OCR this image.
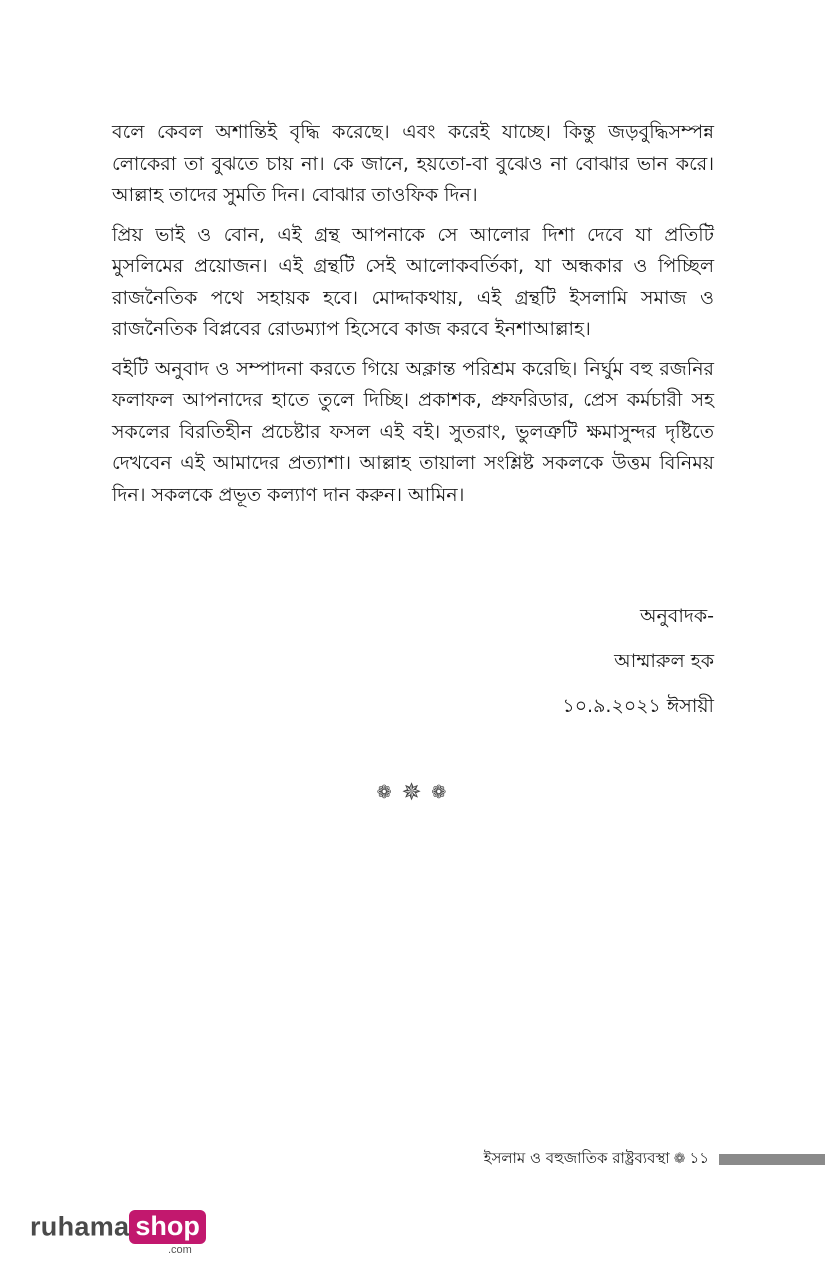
বলে কেবল অশান্তিই বৃদ্ধি করেছে। এবং করেই যাচ্ছে। কিন্তু জড়বুদ্ধিসম্পন্ন লোকেরা তা বুঝতে চায় না। কে জানে, হয়তো-বা বুঝেও না বোঝার ভান করে। আল্লাহ তাদের সুমতি দিন। বোঝার তাওফিক দিন।

প্রিয় ভাই ও বোন, এই গ্রন্থ আপনাকে সে আলোর দিশা দেবে যা প্রতিটি মুসলিমের প্রয়োজন। এই গ্রন্থটি সেই আলোকবর্তিকা, যা অন্ধকার ও পিচ্ছিল রাজনৈতিক পথে সহায়ক হবে। মোদ্দাকথায়, এই গ্রন্থটি ইসলামি সমাজ ও রাজনৈতিক বিপ্লবের রোডম্যাপ হিসেবে কাজ করবে ইনশাআল্লাহ।

বইটি অনুবাদ ও সম্পাদনা করতে গিয়ে অক্লান্ত পরিশ্রম করেছি। নির্ঘুম বহু রজনির ফলাফল আপনাদের হাতে তুলে দিচ্ছি। প্রকাশক, প্রুফরিডার, প্রেস কর্মচারী সহ সকলের বিরতিহীন প্রচেষ্টার ফসল এই বই। সুতরাং, ভুলত্রুটি ক্ষমাসুন্দর দৃষ্টিতে দেখবেন এই আমাদের প্রত্যাশা। আল্লাহ তায়ালা সংশ্লিষ্ট সকলকে উত্তম বিনিময় দিন। সকলকে প্রভূত কল্যাণ দান করুন। আমিন।

অনুবাদক-
আম্মারুল হক
১০.৯.২০২১ ঈসায়ী
❁ ✵ ❁
ইসলাম ও বহুজাতিক রাষ্ট্রব্যবস্থা ❁ ১১
ruhama shop
.com
